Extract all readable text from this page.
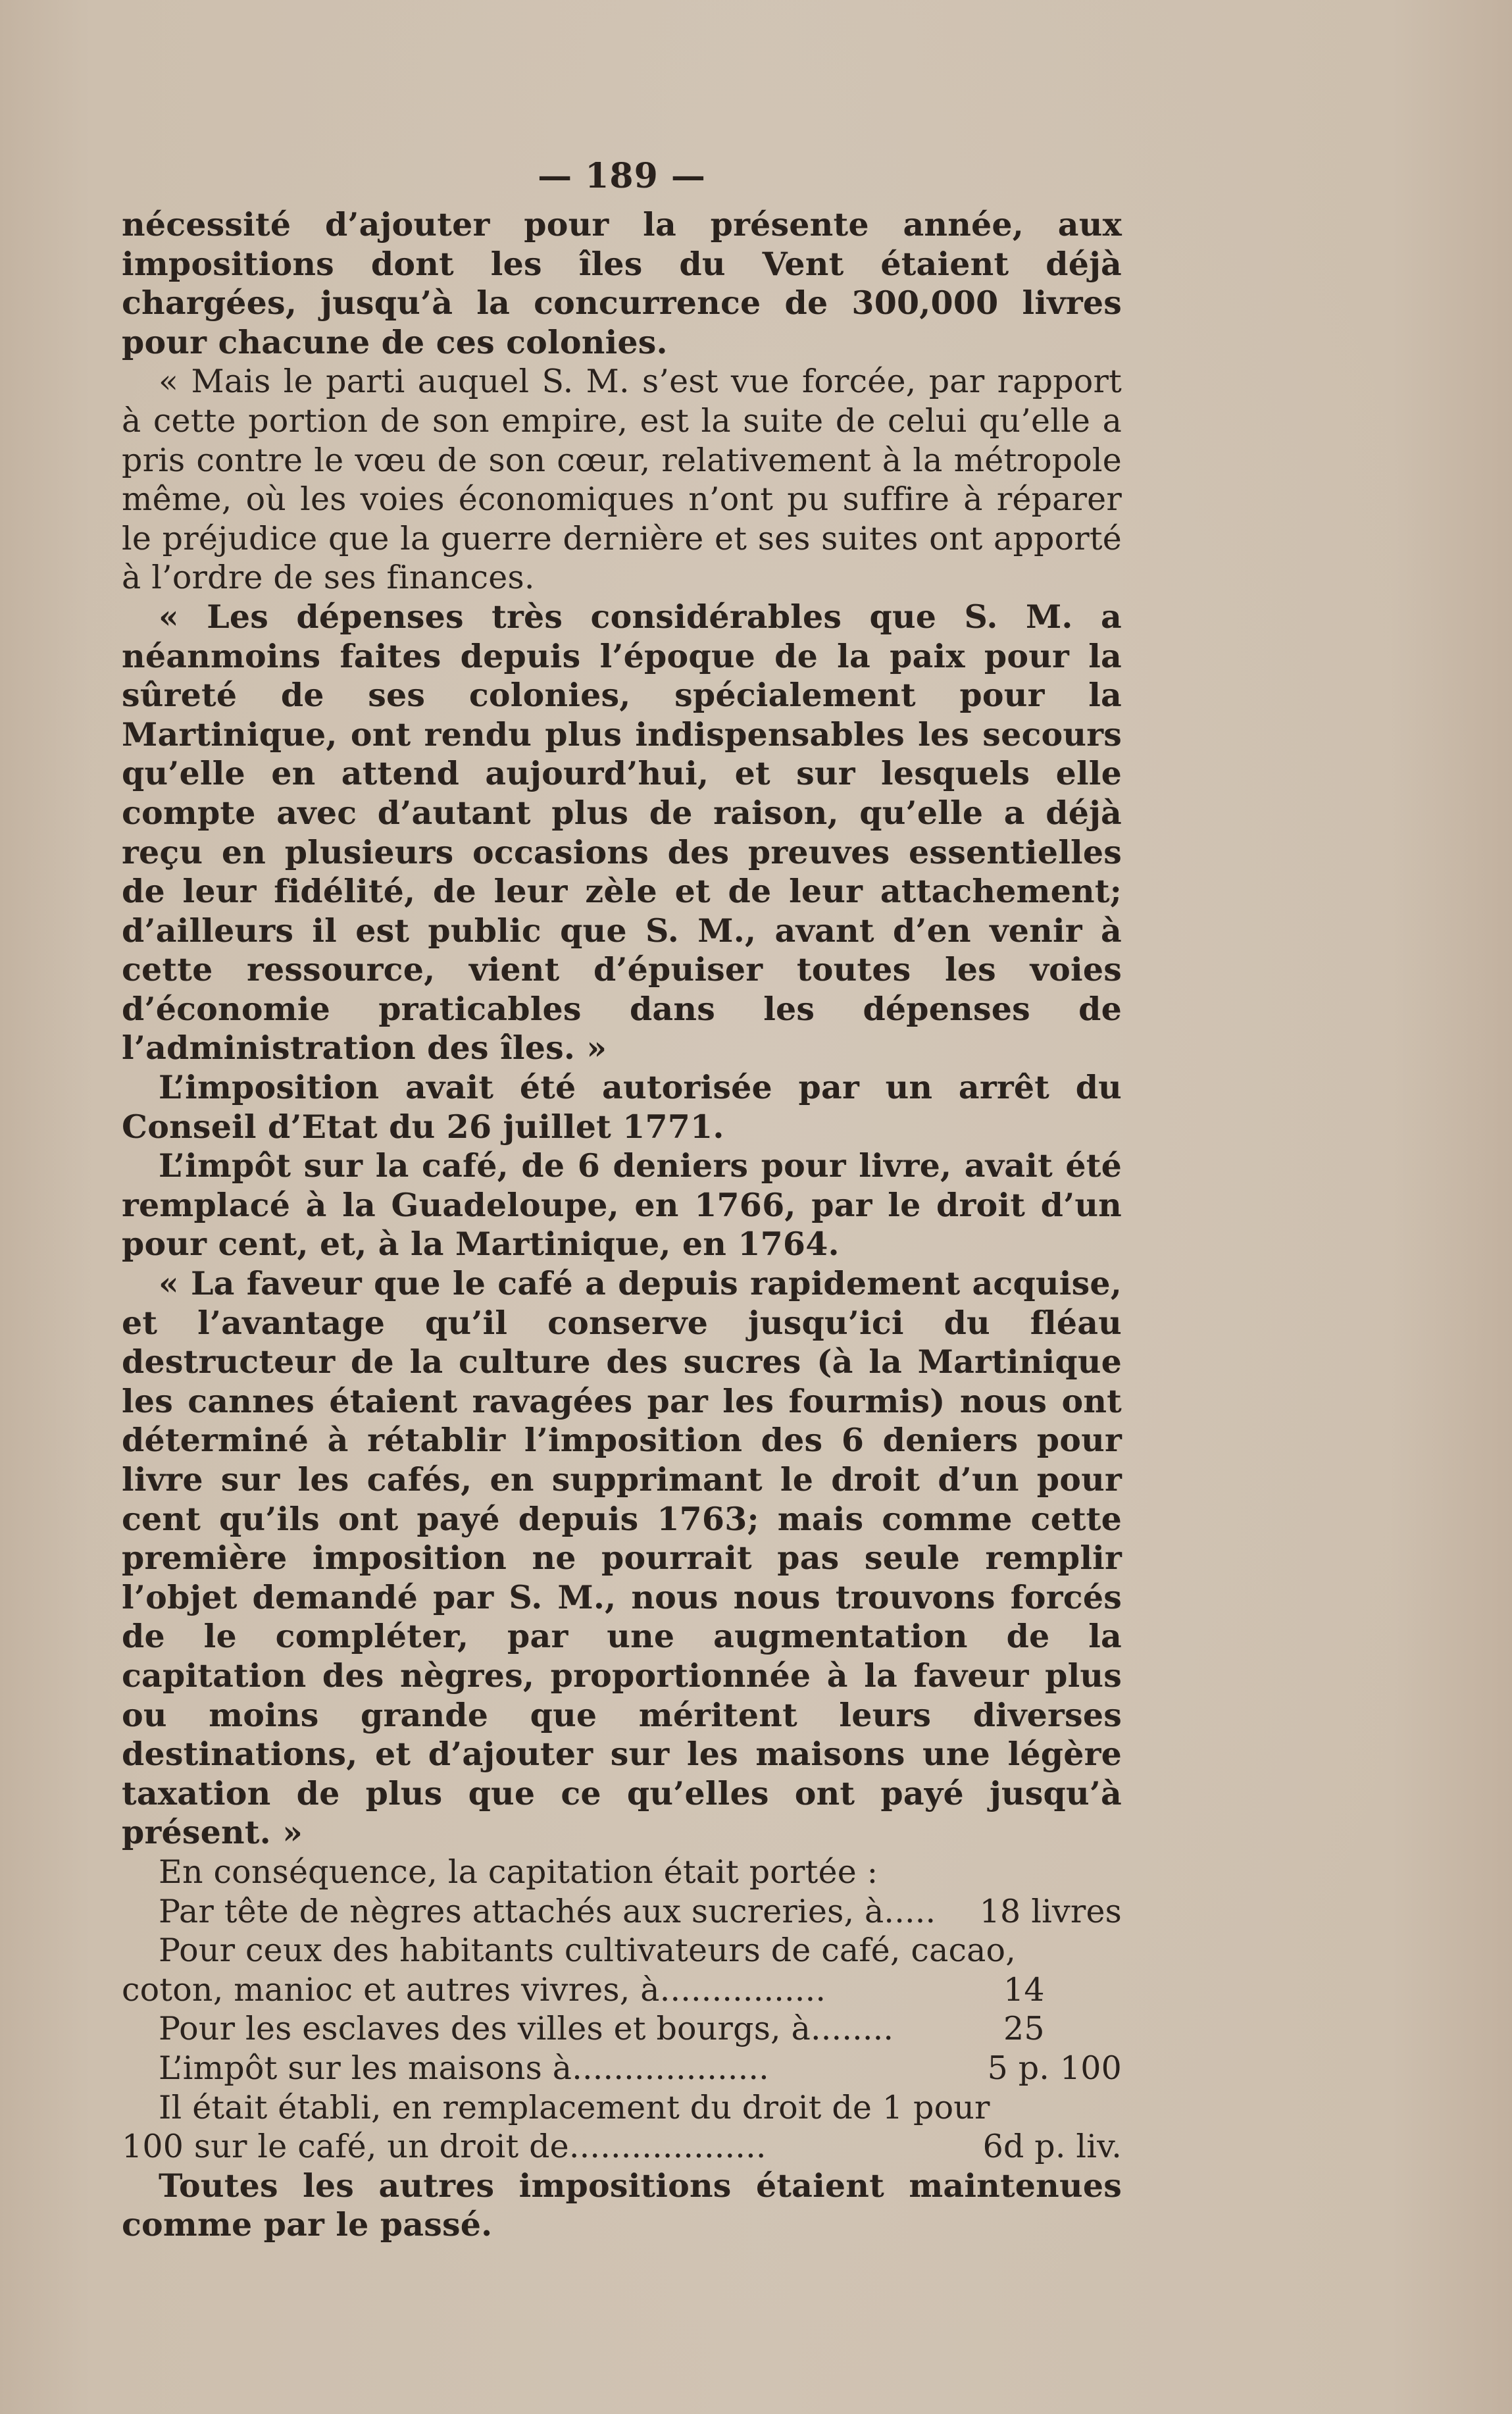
— 189 —

nécessité d’ajouter pour la présente année, aux impositions dont les îles du Vent étaient déjà chargées, jusqu’à la concurrence de 300,000 livres pour chacune de ces colonies.

« Mais le parti auquel S. M. s’est vue forcée, par rapport à cette portion de son empire, est la suite de celui qu’elle a pris contre le vœu de son cœur, relativement à la métropole même, où les voies économiques n’ont pu suffire à réparer le préjudice que la guerre dernière et ses suites ont apporté à l’ordre de ses finances.

« Les dépenses très considérables que S. M. a néanmoins faites depuis l’époque de la paix pour la sûreté de ses colonies, spécialement pour la Martinique, ont rendu plus indispensables les secours qu’elle en attend aujourd’hui, et sur lesquels elle compte avec d’autant plus de raison, qu’elle a déjà reçu en plusieurs occasions des preuves essentielles de leur fidélité, de leur zèle et de leur attachement; d’ailleurs il est public que S. M., avant d’en venir à cette ressource, vient d’épuiser toutes les voies d’économie praticables dans les dépenses de l’administration des îles. »

L’imposition avait été autorisée par un arrêt du Conseil d’Etat du 26 juillet 1771.

L’impôt sur la café, de 6 deniers pour livre, avait été remplacé à la Guadeloupe, en 1766, par le droit d’un pour cent, et, à la Martinique, en 1764.

« La faveur que le café a depuis rapidement acquise, et l’avantage qu’il conserve jusqu’ici du fléau destructeur de la culture des sucres (à la Martinique les cannes étaient ravagées par les fourmis) nous ont déterminé à rétablir l’imposition des 6 deniers pour livre sur les cafés, en supprimant le droit d’un pour cent qu’ils ont payé depuis 1763; mais comme cette première imposition ne pourrait pas seule remplir l’objet demandé par S. M., nous nous trouvons forcés de le compléter, par une augmentation de la capitation des nègres, proportionnée à la faveur plus ou moins grande que méritent leurs diverses destinations, et d’ajouter sur les maisons une légère taxation de plus que ce qu’elles ont payé jusqu’à présent. »

En conséquence, la capitation était portée :

Par tête de nègres attachés aux sucreries, à.....	18 livres

Pour ceux des habitants cultivateurs de café, cacao,

coton, manioc et autres vivres, à................	14
Pour les esclaves des villes et bourgs, à........	25
L’impôt sur les maisons à...................	5 p. 100

Il était établi, en remplacement du droit de 1 pour

100 sur le café, un droit de...................	6d p. liv.

Toutes les autres impositions étaient maintenues comme par le passé.
